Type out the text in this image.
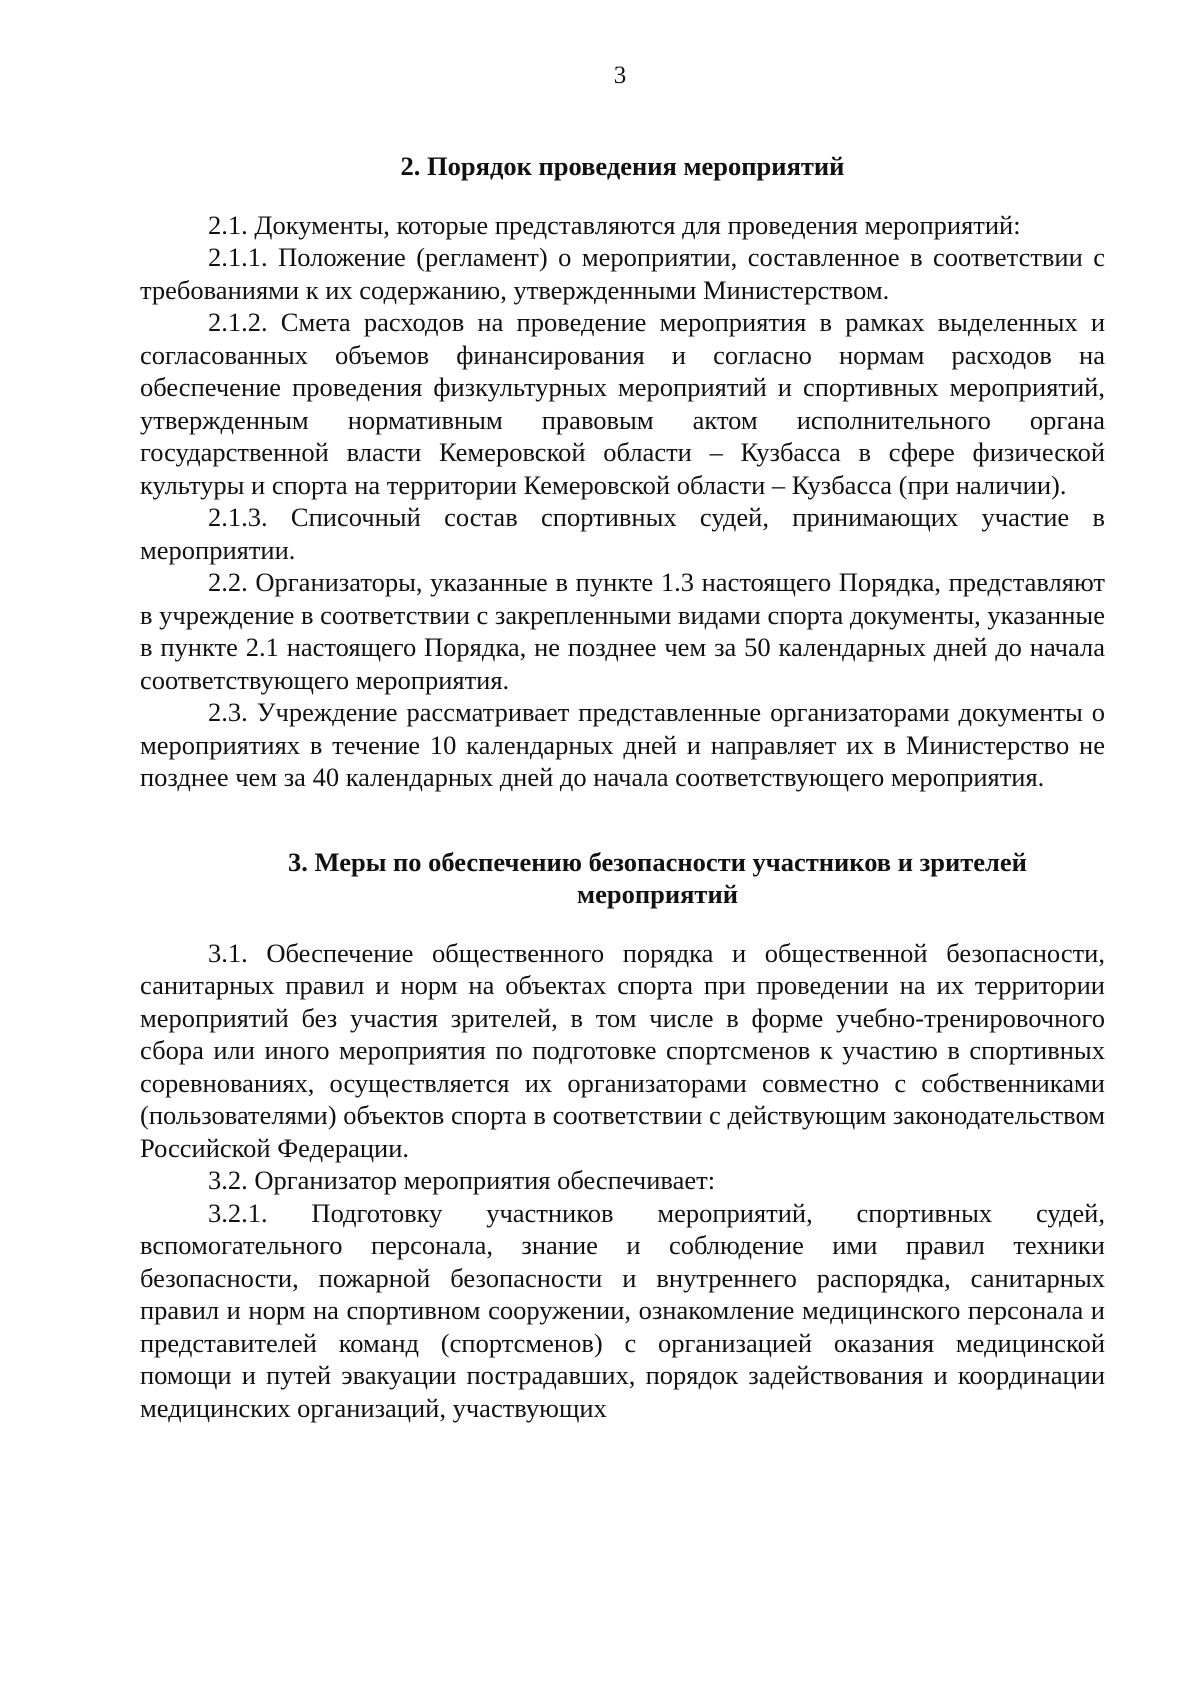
3

2. Порядок проведения мероприятий

2.1. Документы, которые представляются для проведения мероприятий:

2.1.1. Положение (регламент) о мероприятии, составленное в соответствии с требованиями к их содержанию, утвержденными Министерством.

2.1.2. Смета расходов на проведение мероприятия в рамках выделенных и согласованных объемов финансирования и согласно нормам расходов на обеспечение проведения физкультурных мероприятий и спортивных мероприятий, утвержденным нормативным правовым актом исполнительного органа государственной власти Кемеровской области – Кузбасса в сфере физической культуры и спорта на территории Кемеровской области – Кузбасса (при наличии).

2.1.3. Списочный состав спортивных судей, принимающих участие в мероприятии.

2.2. Организаторы, указанные в пункте 1.3 настоящего Порядка, представляют в учреждение в соответствии с закрепленными видами спорта документы, указанные в пункте 2.1 настоящего Порядка, не позднее чем за 50 календарных дней до начала соответствующего мероприятия.

2.3. Учреждение рассматривает представленные организаторами документы о мероприятиях в течение 10 календарных дней и направляет их в Министерство не позднее чем за 40 календарных дней до начала соответствующего мероприятия.

3. Меры по обеспечению безопасности участников и зрителей
мероприятий

3.1. Обеспечение общественного порядка и общественной безопасности, санитарных правил и норм на объектах спорта при проведении на их территории мероприятий без участия зрителей, в том числе в форме учебно-тренировочного сбора или иного мероприятия по подготовке спортсменов к участию в спортивных соревнованиях, осуществляется их организаторами совместно с собственниками (пользователями) объектов спорта в соответствии с действующим законодательством Российской Федерации.

3.2. Организатор мероприятия обеспечивает:

3.2.1. Подготовку участников мероприятий, спортивных судей, вспомогательного персонала, знание и соблюдение ими правил техники безопасности, пожарной безопасности и внутреннего распорядка, санитарных правил и норм на спортивном сооружении, ознакомление медицинского персонала и представителей команд (спортсменов) с организацией оказания медицинской помощи и путей эвакуации пострадавших, порядок задействования и координации медицинских организаций, участвующих
